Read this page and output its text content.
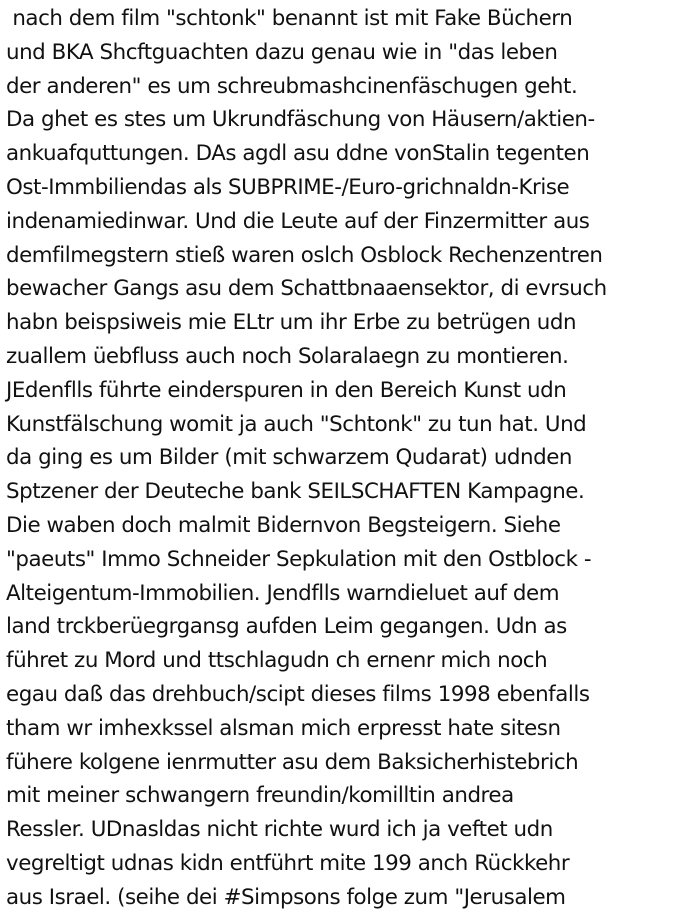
nach dem film "schtonk" benannt ist mit Fake Büchern
und BKA Shcftguachten dazu genau wie in "das leben
der anderen" es um schreubmashcinenfäschugen geht.
Da ghet es stes um Ukrundfäschung von Häusern/aktien-
ankuafquttungen. DAs agdl asu ddne vonStalin tegenten
Ost-Immbiliendas als SUBPRIME-/Euro-grichnaldn-Krise
indenamiedinwar. Und die Leute auf der Finzermitter aus
demfilmegstern stieß waren oslch Osblock Rechenzentren
bewacher Gangs asu dem Schattbnaaensektor, di evrsuch
habn beispsiweis mie ELtr um ihr Erbe zu betrügen udn
zuallem üebfluss auch noch Solaralaegn zu montieren.
JEdenflls führte einderspuren in den Bereich Kunst udn
Kunstfälschung womit ja auch "Schtonk" zu tun hat. Und
da ging es um Bilder (mit schwarzem Qudarat) udnden
Sptzener der Deuteche bank SEILSCHAFTEN Kampagne.
Die waben doch malmit Bidernvon Begsteigern. Siehe
"paeuts" Immo Schneider Sepkulation mit den Ostblock -
Alteigentum-Immobilien. Jendflls warndieluet auf dem
land trckberüegrgansg aufden Leim gegangen. Udn as
führet zu Mord und ttschlagudn ch ernenr mich noch
egau daß das drehbuch/scipt dieses films 1998 ebenfalls
tham wr imhexkssel alsman mich erpresst hate sitesn
fühere kolgene ienrmutter asu dem Baksicherhistebrich
mit meiner schwangern freundin/komilltin andrea
Ressler. UDnasldas nicht richte wurd ich ja veftet udn
vegreltigt udnas kidn entführt mite 199 anch Rückkehr
aus Israel. (seihe dei #Simpsons folge zum "Jerusalem
